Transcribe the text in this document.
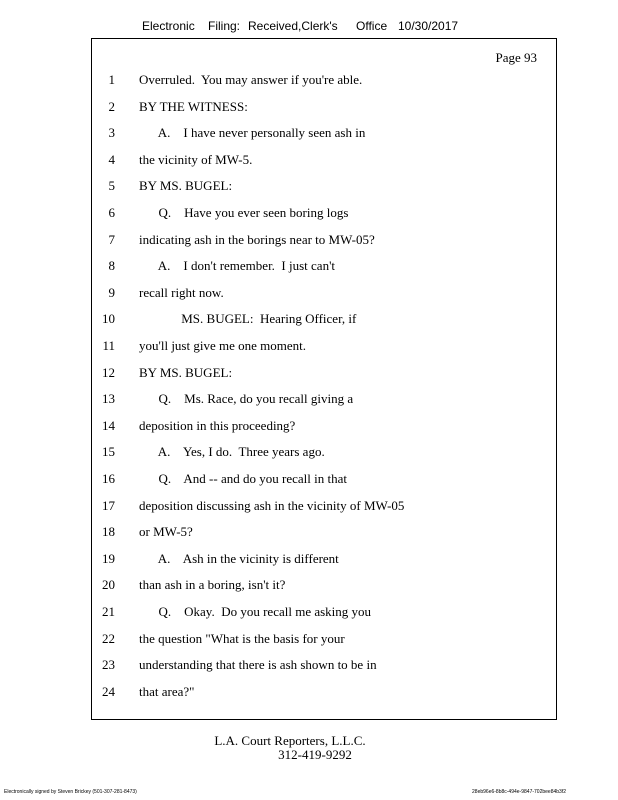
Electronic Filing: Received,Clerk's Office 10/30/2017
Page 93
1 Overruled.  You may answer if you're able.
2 BY THE WITNESS:
3 A.    I have never personally seen ash in
4 the vicinity of MW-5.
5 BY MS. BUGEL:
6 Q.    Have you ever seen boring logs
7 indicating ash in the borings near to MW-05?
8 A.    I don't remember.  I just can't
9 recall right now.
10 MS. BUGEL:  Hearing Officer, if
11 you'll just give me one moment.
12 BY MS. BUGEL:
13 Q.    Ms. Race, do you recall giving a
14 deposition in this proceeding?
15 A.    Yes, I do.  Three years ago.
16 Q.    And -- and do you recall in that
17 deposition discussing ash in the vicinity of MW-05
18 or MW-5?
19 A.    Ash in the vicinity is different
20 than ash in a boring, isn't it?
21 Q.    Okay.  Do you recall me asking you
22 the question "What is the basis for your
23 understanding that there is ash shown to be in
24 that area?"
L.A. Court Reporters, L.L.C.
312-419-9292
Electronically signed by Steven Brickey (501-307-281-8473)	28eb96e6-8b8c-494e-9847-702bee84b3f2
